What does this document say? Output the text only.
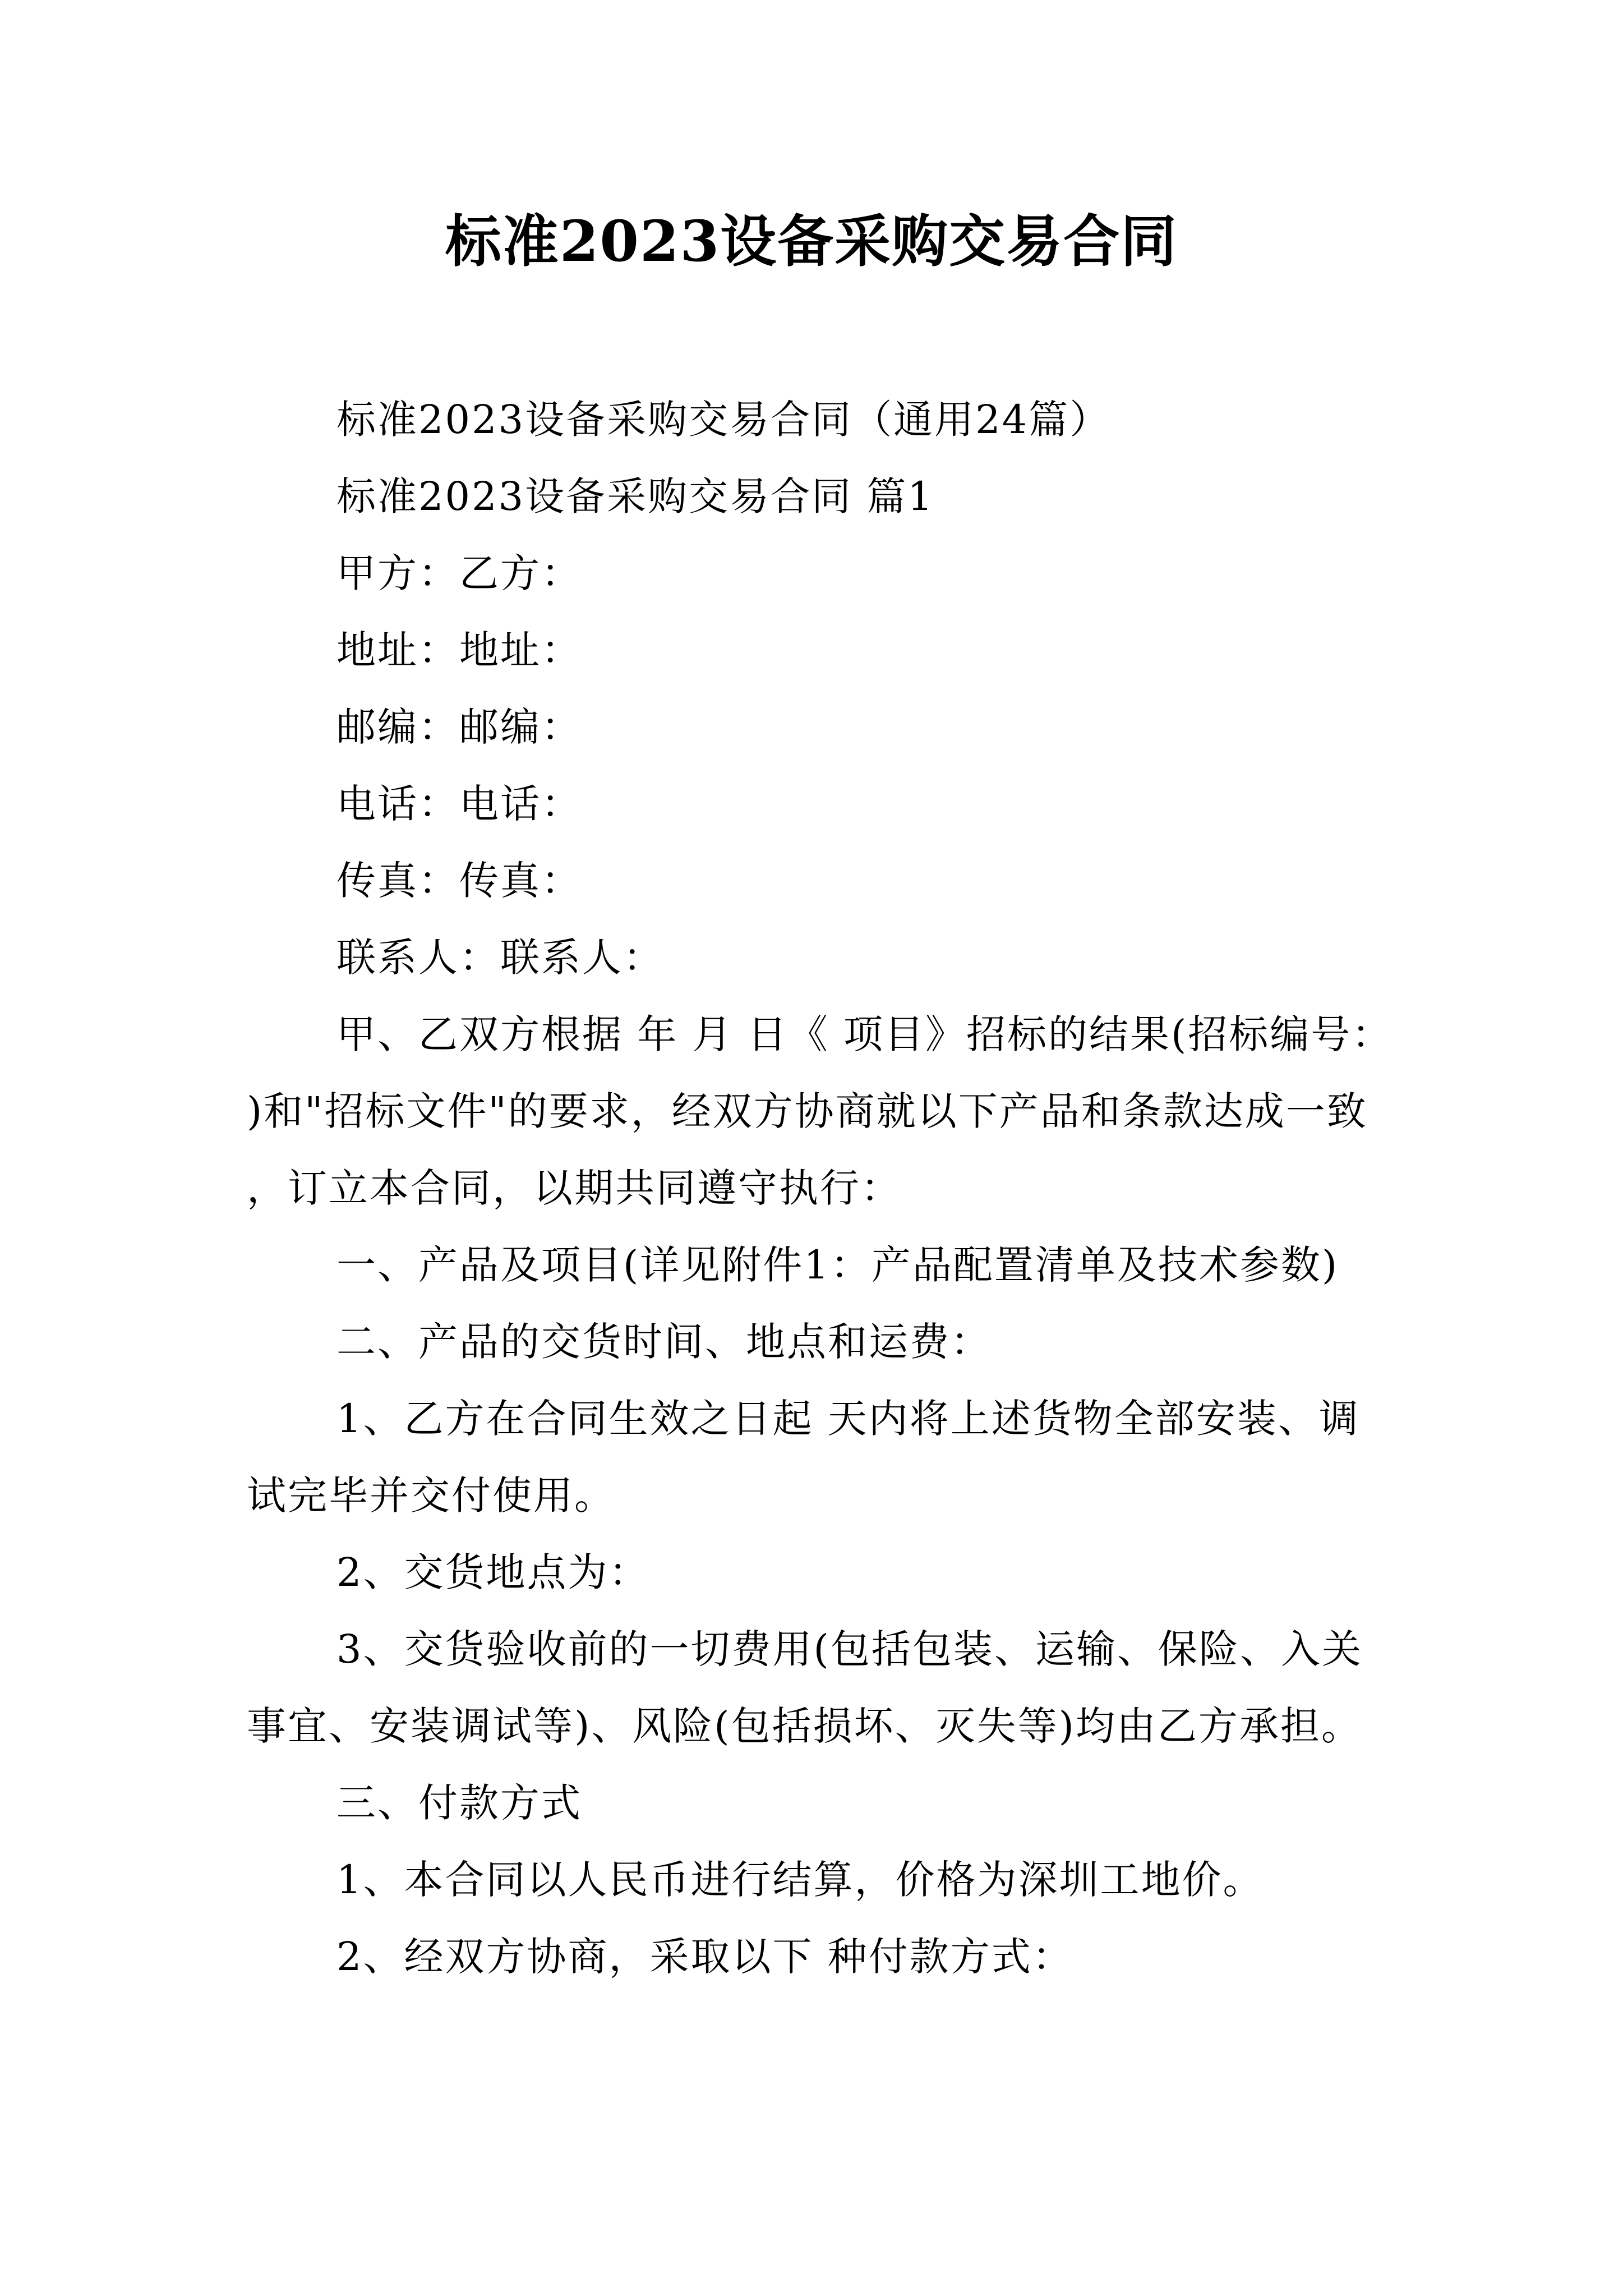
标准2023设备采购交易合同

标准2023设备采购交易合同（通用24篇）

标准2023设备采购交易合同 篇1

甲方：乙方：

地址：地址：

邮编：邮编：

电话：电话：

传真：传真：

联系人：联系人：

甲、乙双方根据 年 月 日《 项目》招标的结果(招标编号：)和"招标文件"的要求，经双方协商就以下产品和条款达成一致，订立本合同，以期共同遵守执行：

一、产品及项目(详见附件1：产品配置清单及技术参数)

二、产品的交货时间、地点和运费：

1、乙方在合同生效之日起 天内将上述货物全部安装、调试完毕并交付使用。

2、交货地点为：

3、交货验收前的一切费用(包括包装、运输、保险、入关事宜、安装调试等)、风险(包括损坏、灭失等)均由乙方承担。

三、付款方式

1、本合同以人民币进行结算，价格为深圳工地价。

2、经双方协商，采取以下 种付款方式：
